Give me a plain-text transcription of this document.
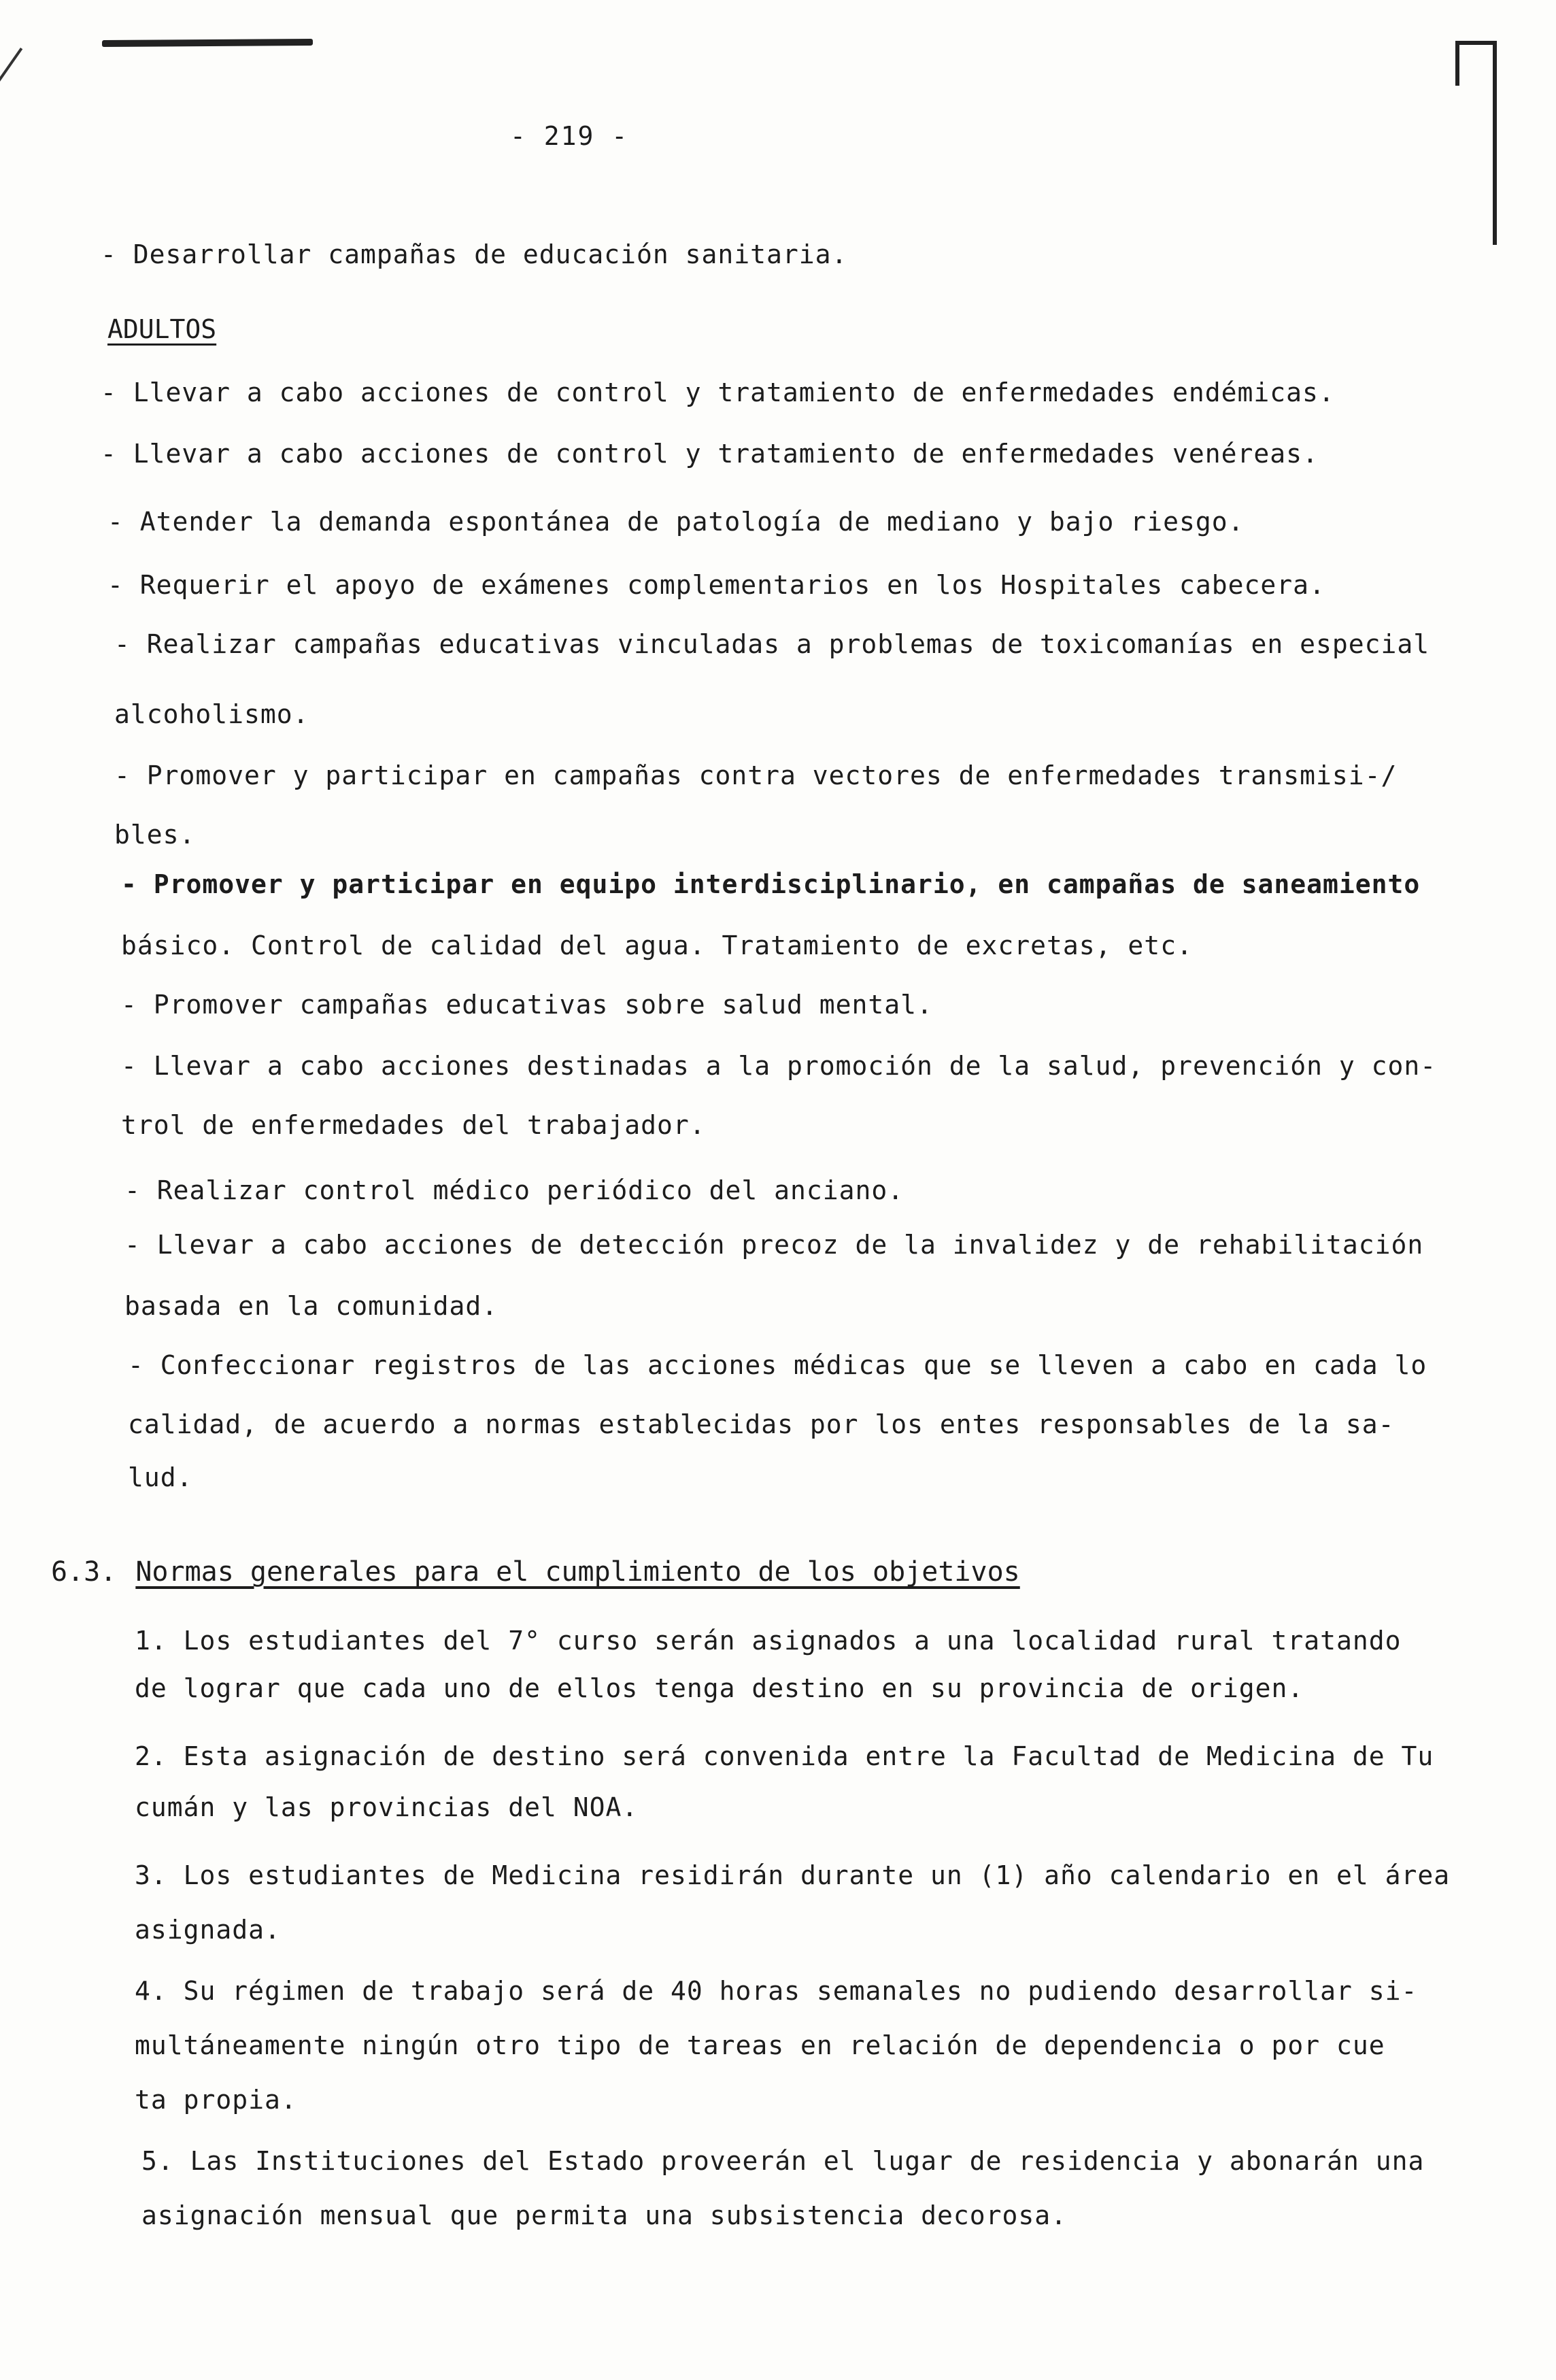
- 219 -
- Desarrollar campañas de educación sanitaria.
ADULTOS
- Llevar a cabo acciones de control y tratamiento de enfermedades endémicas.
- Llevar a cabo acciones de control y tratamiento de enfermedades venéreas.
- Atender la demanda espontánea de patología de mediano y bajo riesgo.
- Requerir el apoyo de exámenes complementarios en los Hospitales cabecera.
- Realizar campañas educativas vinculadas a problemas de toxicomanías en especial
alcoholismo.
- Promover y participar en campañas contra vectores de enfermedades transmisi-/
bles.
- Promover y participar en equipo interdisciplinario, en campañas de saneamiento
básico. Control de calidad del agua. Tratamiento de excretas, etc.
- Promover campañas educativas sobre salud mental.
- Llevar a cabo acciones destinadas a la promoción de la salud, prevención y con-
trol de enfermedades del trabajador.
- Realizar control médico periódico del anciano.
- Llevar a cabo acciones de detección precoz de la invalidez y de rehabilitación
basada en la comunidad.
- Confeccionar registros de las acciones médicas que se lleven a cabo en cada lo
calidad, de acuerdo a normas establecidas por los entes responsables de la sa-
lud.
6.3. Normas generales para el cumplimiento de los objetivos
1. Los estudiantes del 7° curso serán asignados a una localidad rural tratando
de lograr que cada uno de ellos tenga destino en su provincia de origen.
2. Esta asignación de destino será convenida entre la Facultad de Medicina de Tu
cumán y las provincias del NOA.
3. Los estudiantes de Medicina residirán durante un (1) año calendario en el área
asignada.
4. Su régimen de trabajo será de 40 horas semanales no pudiendo desarrollar si-
multáneamente ningún otro tipo de tareas en relación de dependencia o por cue
ta propia.
5. Las Instituciones del Estado proveerán el lugar de residencia y abonarán una
asignación mensual que permita una subsistencia decorosa.
